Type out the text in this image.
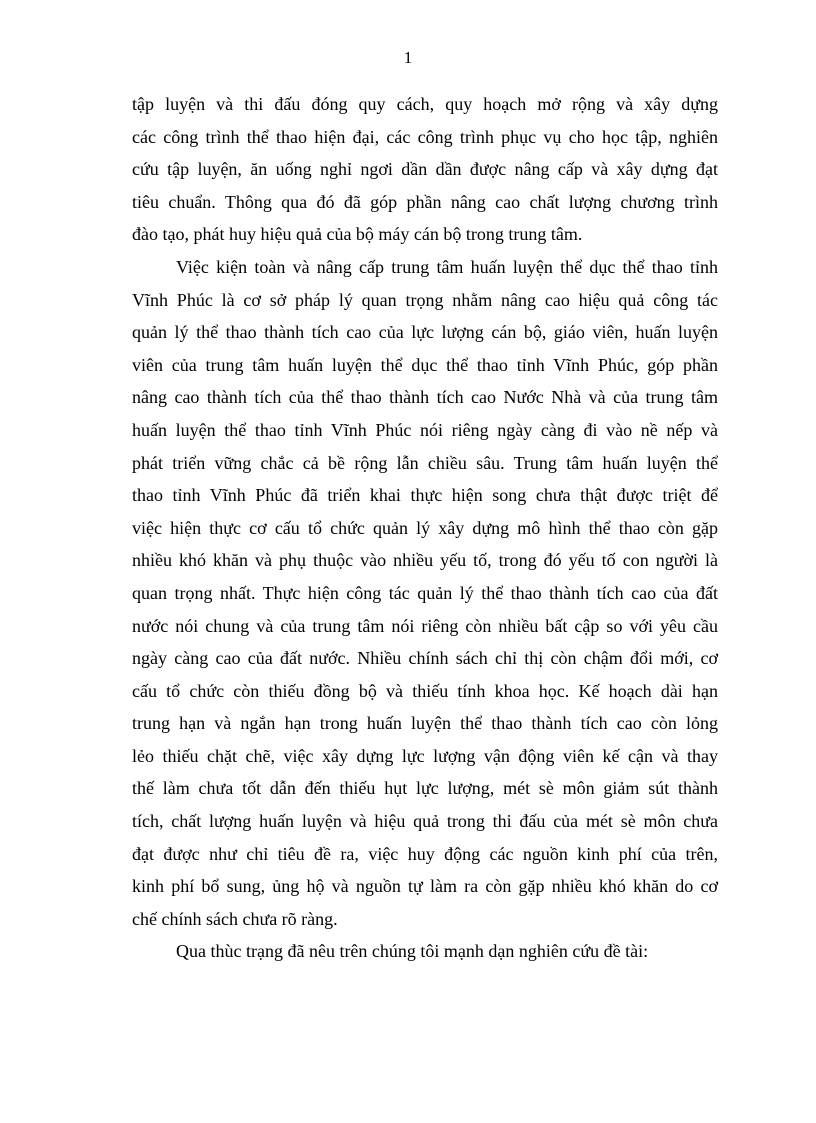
1
tập luyện và thi đấu đóng quy cách, quy hoạch mở rộng và xây dựng
các công trình thể thao hiện đại, các công trình phục vụ cho học tập, nghiên
cứu tập luyện, ăn uống nghỉ ngơi dần dần được nâng cấp và xây dựng đạt
tiêu chuẩn. Thông qua đó đã góp phần nâng cao chất lượng chương trình
đào tạo, phát huy hiệu quả của bộ máy cán bộ trong trung tâm.
Việc kiện toàn và nâng cấp trung tâm huấn luyện thể dục thể thao tỉnh
Vĩnh Phúc là cơ sở pháp lý quan trọng nhằm nâng cao hiệu quả công tác
quản lý thể thao thành tích cao của lực lượng cán bộ, giáo viên, huấn luyện
viên của trung tâm huấn luyện thể dục thể thao tỉnh Vĩnh Phúc, góp phần
nâng cao thành tích của thể thao thành tích cao Nước Nhà và của trung tâm
huấn luyện thể thao tỉnh Vĩnh Phúc nói riêng ngày càng đi vào nề nếp và
phát triển vững chắc cả bề rộng lẫn chiều sâu. Trung tâm huấn luyện thể
thao tỉnh Vĩnh Phúc đã triển khai thực hiện song chưa thật được triệt để
việc hiện thực cơ cấu tổ chức quản lý xây dựng mô hình thể thao còn gặp
nhiều khó khăn và phụ thuộc vào nhiều yếu tố, trong đó yếu tố con người là
quan trọng nhất. Thực hiện công tác quản lý thể thao thành tích cao của đất
nước nói chung và của trung tâm nói riêng còn nhiều bất cập so với yêu cầu
ngày càng cao của đất nước. Nhiều chính sách chỉ thị còn chậm đổi mới, cơ
cấu tổ chức còn thiếu đồng bộ và thiếu tính khoa học. Kế hoạch dài hạn
trung hạn và ngắn hạn trong huấn luyện thể thao thành tích cao còn lỏng
lẻo thiếu chặt chẽ, việc xây dựng lực lượng vận động viên kế cận và thay
thế làm chưa tốt dẫn đến thiếu hụt lực lượng, mét sè môn giảm sút thành
tích, chất lượng huấn luyện và hiệu quả trong thi đấu của mét sè môn chưa
đạt được như chỉ tiêu đề ra, việc huy động các nguồn kinh phí của trên,
kinh phí bổ sung, ủng hộ và nguồn tự làm ra còn gặp nhiều khó khăn do cơ
chế chính sách chưa rõ ràng.
Qua thùc trạng đã nêu trên chúng tôi mạnh dạn nghiên cứu đề tài:
